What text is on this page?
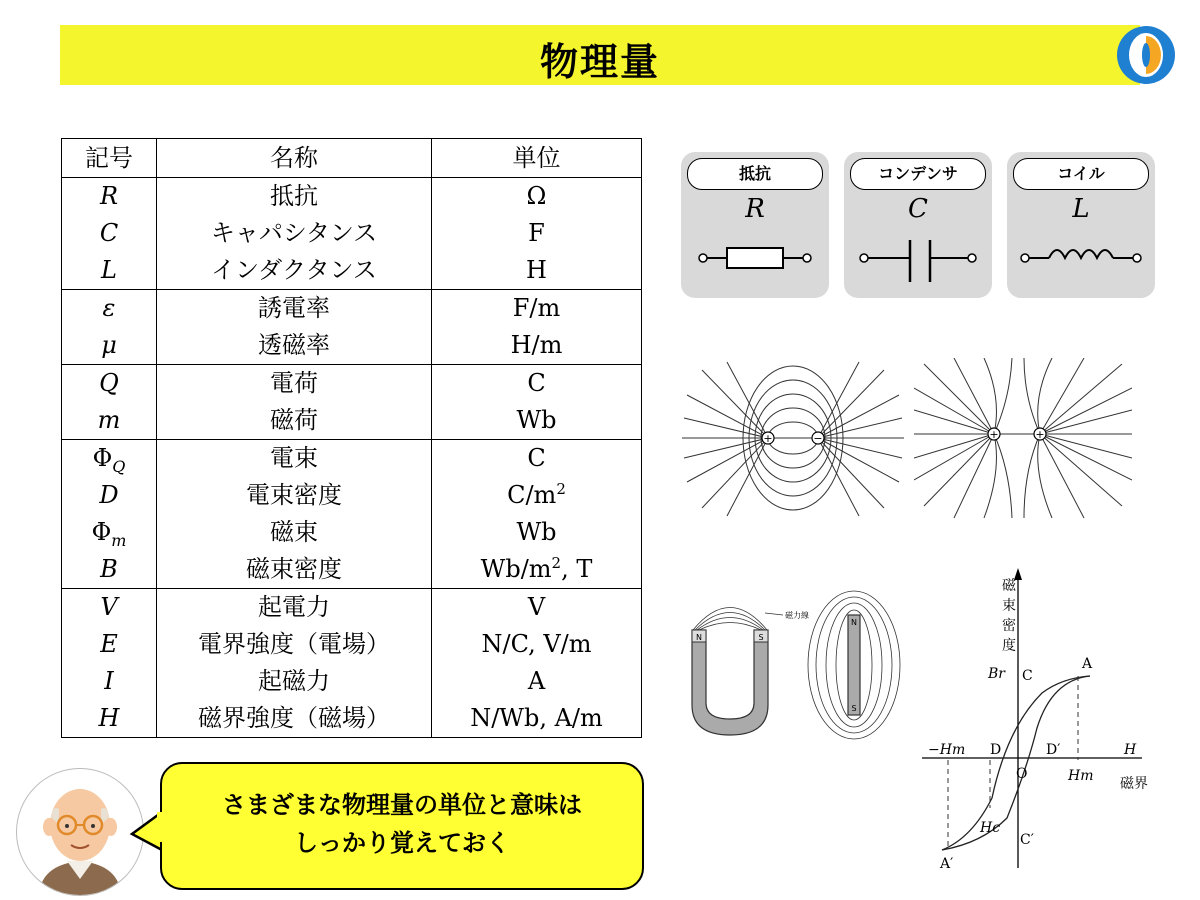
物理量
記号	名称	単位
R	抵抗	Ω
C	キャパシタンス	F
L	インダクタンス	H
ε	誘電率	F/m
μ	透磁率	H/m
Q	電荷	C
m	磁荷	Wb
$\Phi_Q$	電束	C
D	電束密度	$C/m^2$
$\Phi_m$	磁束	Wb
B	磁束密度	$Wb/m^2$, T
V	起電力	V
E	電界強度（電場）	N/C, V/m
I	起磁力	A
H	磁界強度（磁場）	N/Wb, A/m
抵抗
R
コンデンサ
C
コイル
L
+	−	+	+
N	S
磁力線
N
S
磁
束
密
度
Br C
A
−Hm D	D′	H
O	Hm 磁界
Hc
C′
A′
さまざまな物理量の単位と意味は
しっかり覚えておく
